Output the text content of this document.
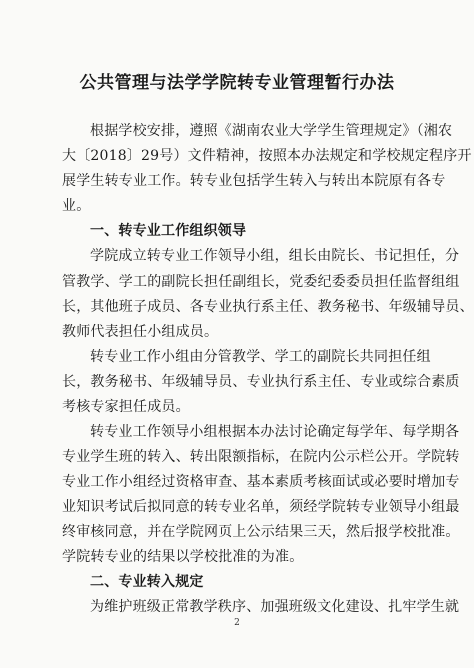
公共管理与法学学院转专业管理暂行办法
根据学校安排，遵照《湖南农业大学学生管理规定》（湘农
大〔2018〕29号）文件精神，按照本办法规定和学校规定程序开
展学生转专业工作。转专业包括学生转入与转出本院原有各专
业。
一、转专业工作组织领导
学院成立转专业工作领导小组，组长由院长、书记担任，分
管教学、学工的副院长担任副组长，党委纪委委员担任监督组组
长，其他班子成员、各专业执行系主任、教务秘书、年级辅导员、
教师代表担任小组成员。
转专业工作小组由分管教学、学工的副院长共同担任组
长，教务秘书、年级辅导员、专业执行系主任、专业或综合素质
考核专家担任成员。
转专业工作领导小组根据本办法讨论确定每学年、每学期各
专业学生班的转入、转出限额指标，在院内公示栏公开。学院转
专业工作小组经过资格审查、基本素质考核面试或必要时增加专
业知识考试后拟同意的转专业名单，须经学院转专业领导小组最
终审核同意，并在学院网页上公示结果三天，然后报学校批准。
学院转专业的结果以学校批准的为准。
二、专业转入规定
为维护班级正常教学秩序、加强班级文化建设、扎牢学生就
2
